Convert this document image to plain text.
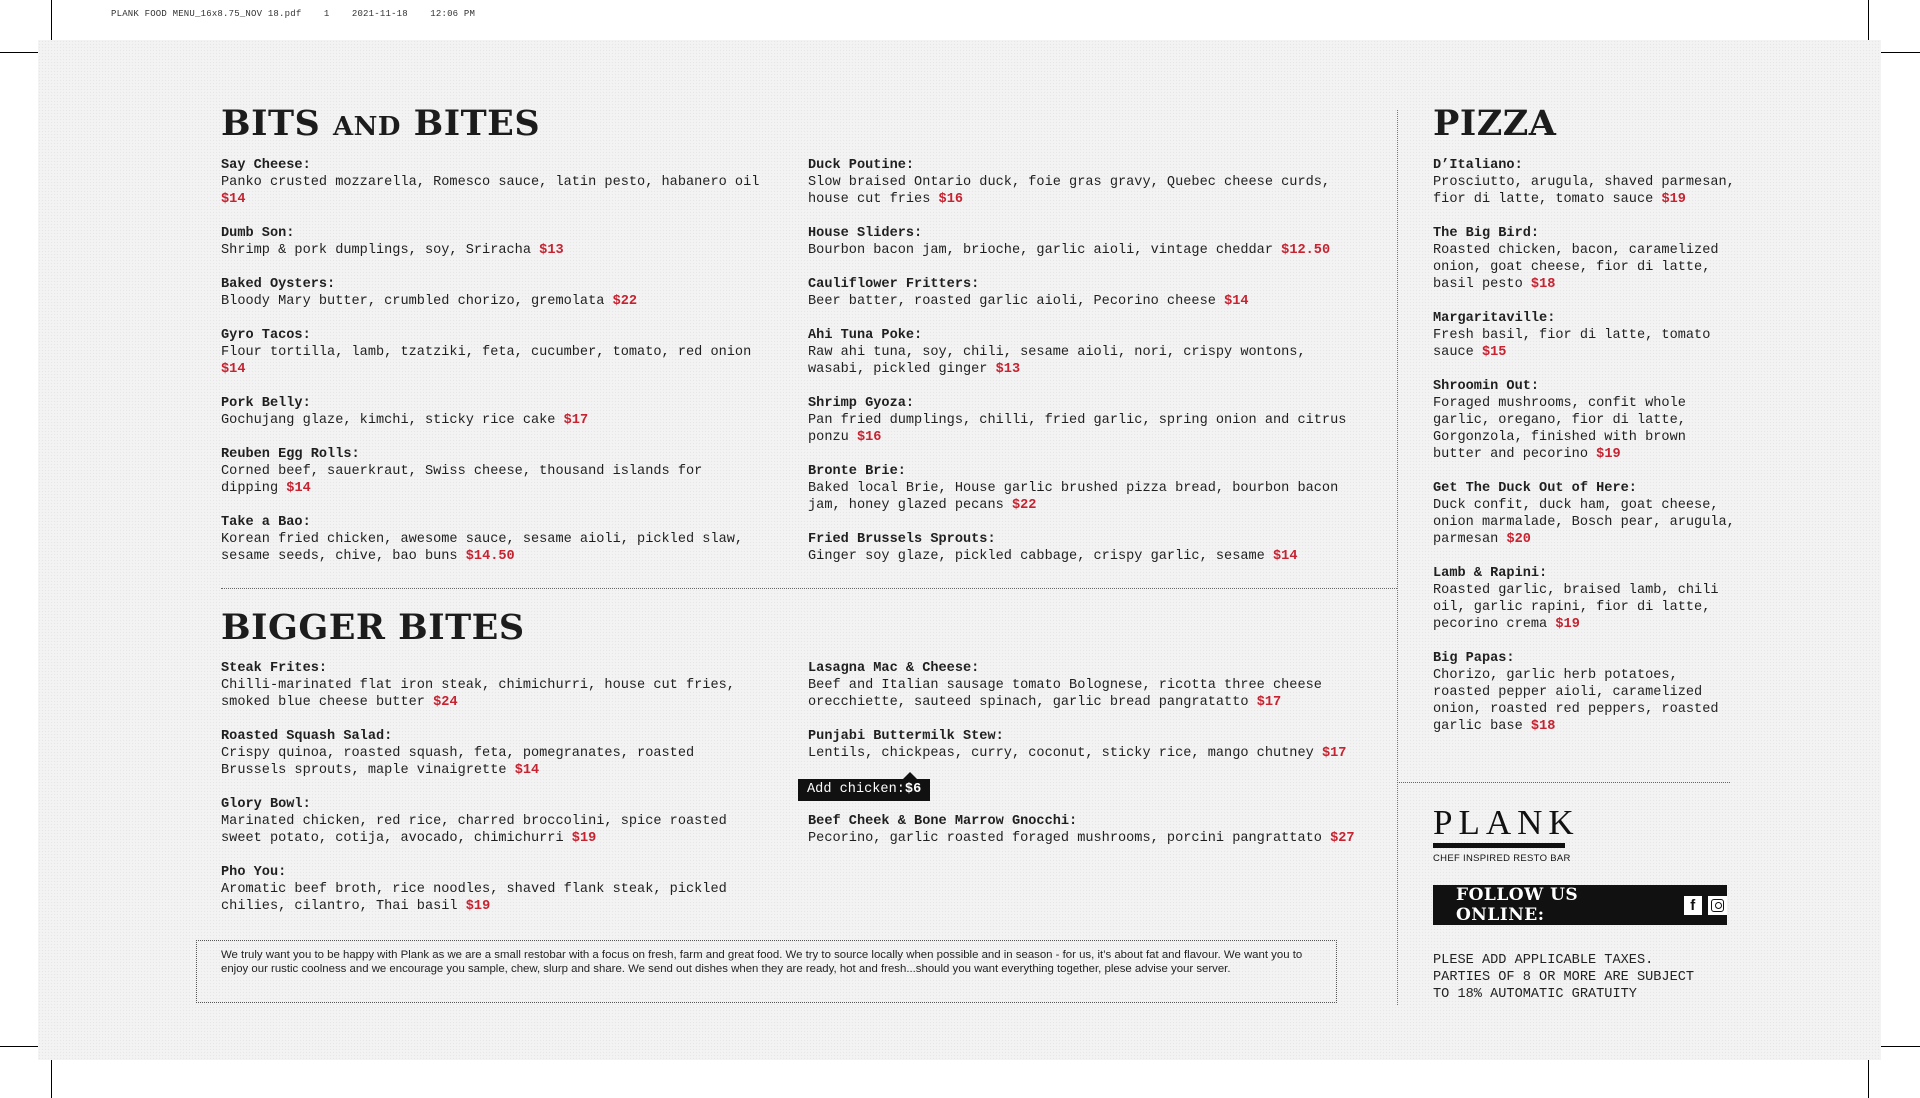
PLANK FOOD MENU_16x8.75_NOV 18.pdf 1 2021-11-18 12:06 PM
BITS AND BITES
Say Cheese:
Panko crusted mozzarella, Romesco sauce, latin pesto, habanero oil $14
Dumb Son:
Shrimp & pork dumplings, soy, Sriracha $13
Baked Oysters:
Bloody Mary butter, crumbled chorizo, gremolata $22
Gyro Tacos:
Flour tortilla, lamb, tzatziki, feta, cucumber, tomato, red onion $14
Pork Belly:
Gochujang glaze, kimchi, sticky rice cake $17
Reuben Egg Rolls:
Corned beef, sauerkraut, Swiss cheese, thousand islands for dipping $14
Take a Bao:
Korean fried chicken, awesome sauce, sesame aioli, pickled slaw, sesame seeds, chive, bao buns $14.50
Duck Poutine:
Slow braised Ontario duck, foie gras gravy, Quebec cheese curds, house cut fries $16
House Sliders:
Bourbon bacon jam, brioche, garlic aioli, vintage cheddar $12.50
Cauliflower Fritters:
Beer batter, roasted garlic aioli, Pecorino cheese $14
Ahi Tuna Poke:
Raw ahi tuna, soy, chili, sesame aioli, nori, crispy wontons, wasabi, pickled ginger $13
Shrimp Gyoza:
Pan fried dumplings, chilli, fried garlic, spring onion and citrus ponzu $16
Bronte Brie:
Baked local Brie, House garlic brushed pizza bread, bourbon bacon jam, honey glazed pecans $22
Fried Brussels Sprouts:
Ginger soy glaze, pickled cabbage, crispy garlic, sesame $14
BIGGER BITES
Steak Frites:
Chilli-marinated flat iron steak, chimichurri, house cut fries, smoked blue cheese butter $24
Roasted Squash Salad:
Crispy quinoa, roasted squash, feta, pomegranates, roasted Brussels sprouts, maple vinaigrette $14
Glory Bowl:
Marinated chicken, red rice, charred broccolini, spice roasted sweet potato, cotija, avocado, chimichurri $19
Pho You:
Aromatic beef broth, rice noodles, shaved flank steak, pickled chilies, cilantro, Thai basil $19
Lasagna Mac & Cheese:
Beef and Italian sausage tomato Bolognese, ricotta three cheese orecchiette, sauteed spinach, garlic bread pangratatto $17
Punjabi Buttermilk Stew:
Lentils, chickpeas, curry, coconut, sticky rice, mango chutney $17
Beef Cheek & Bone Marrow Gnocchi:
Pecorino, garlic roasted foraged mushrooms, porcini pangrattato $27
Add chicken:$6
We truly want you to be happy with Plank as we are a small restobar with a focus on fresh, farm and great food. We try to source locally when possible and in season - for us, it’s about fat and flavour. We want you to enjoy our rustic coolness and we encourage you sample, chew, slurp and share. We send out dishes when they are ready, hot and fresh...should you want everything together, plese advise your server.
PIZZA
D’Italiano:
Prosciutto, arugula, shaved parmesan, fior di latte, tomato sauce $19
The Big Bird:
Roasted chicken, bacon, caramelized onion, goat cheese, fior di latte, basil pesto $18
Margaritaville:
Fresh basil, fior di latte, tomato sauce $15
Shroomin Out:
Foraged mushrooms, confit whole garlic, oregano, fior di latte, Gorgonzola, finished with brown butter and pecorino $19
Get The Duck Out of Here:
Duck confit, duck ham, goat cheese, onion marmalade, Bosch pear, arugula, parmesan $20
Lamb & Rapini:
Roasted garlic, braised lamb, chili oil, garlic rapini, fior di latte, pecorino crema $19
Big Papas:
Chorizo, garlic herb potatoes, roasted pepper aioli, caramelized onion, roasted red peppers, roasted garlic base $18
PLANK
CHEF INSPIRED RESTO BAR
FOLLOW US ONLINE:	f
PLESE ADD APPLICABLE TAXES.
PARTIES OF 8 OR MORE ARE SUBJECT
TO 18% AUTOMATIC GRATUITY
